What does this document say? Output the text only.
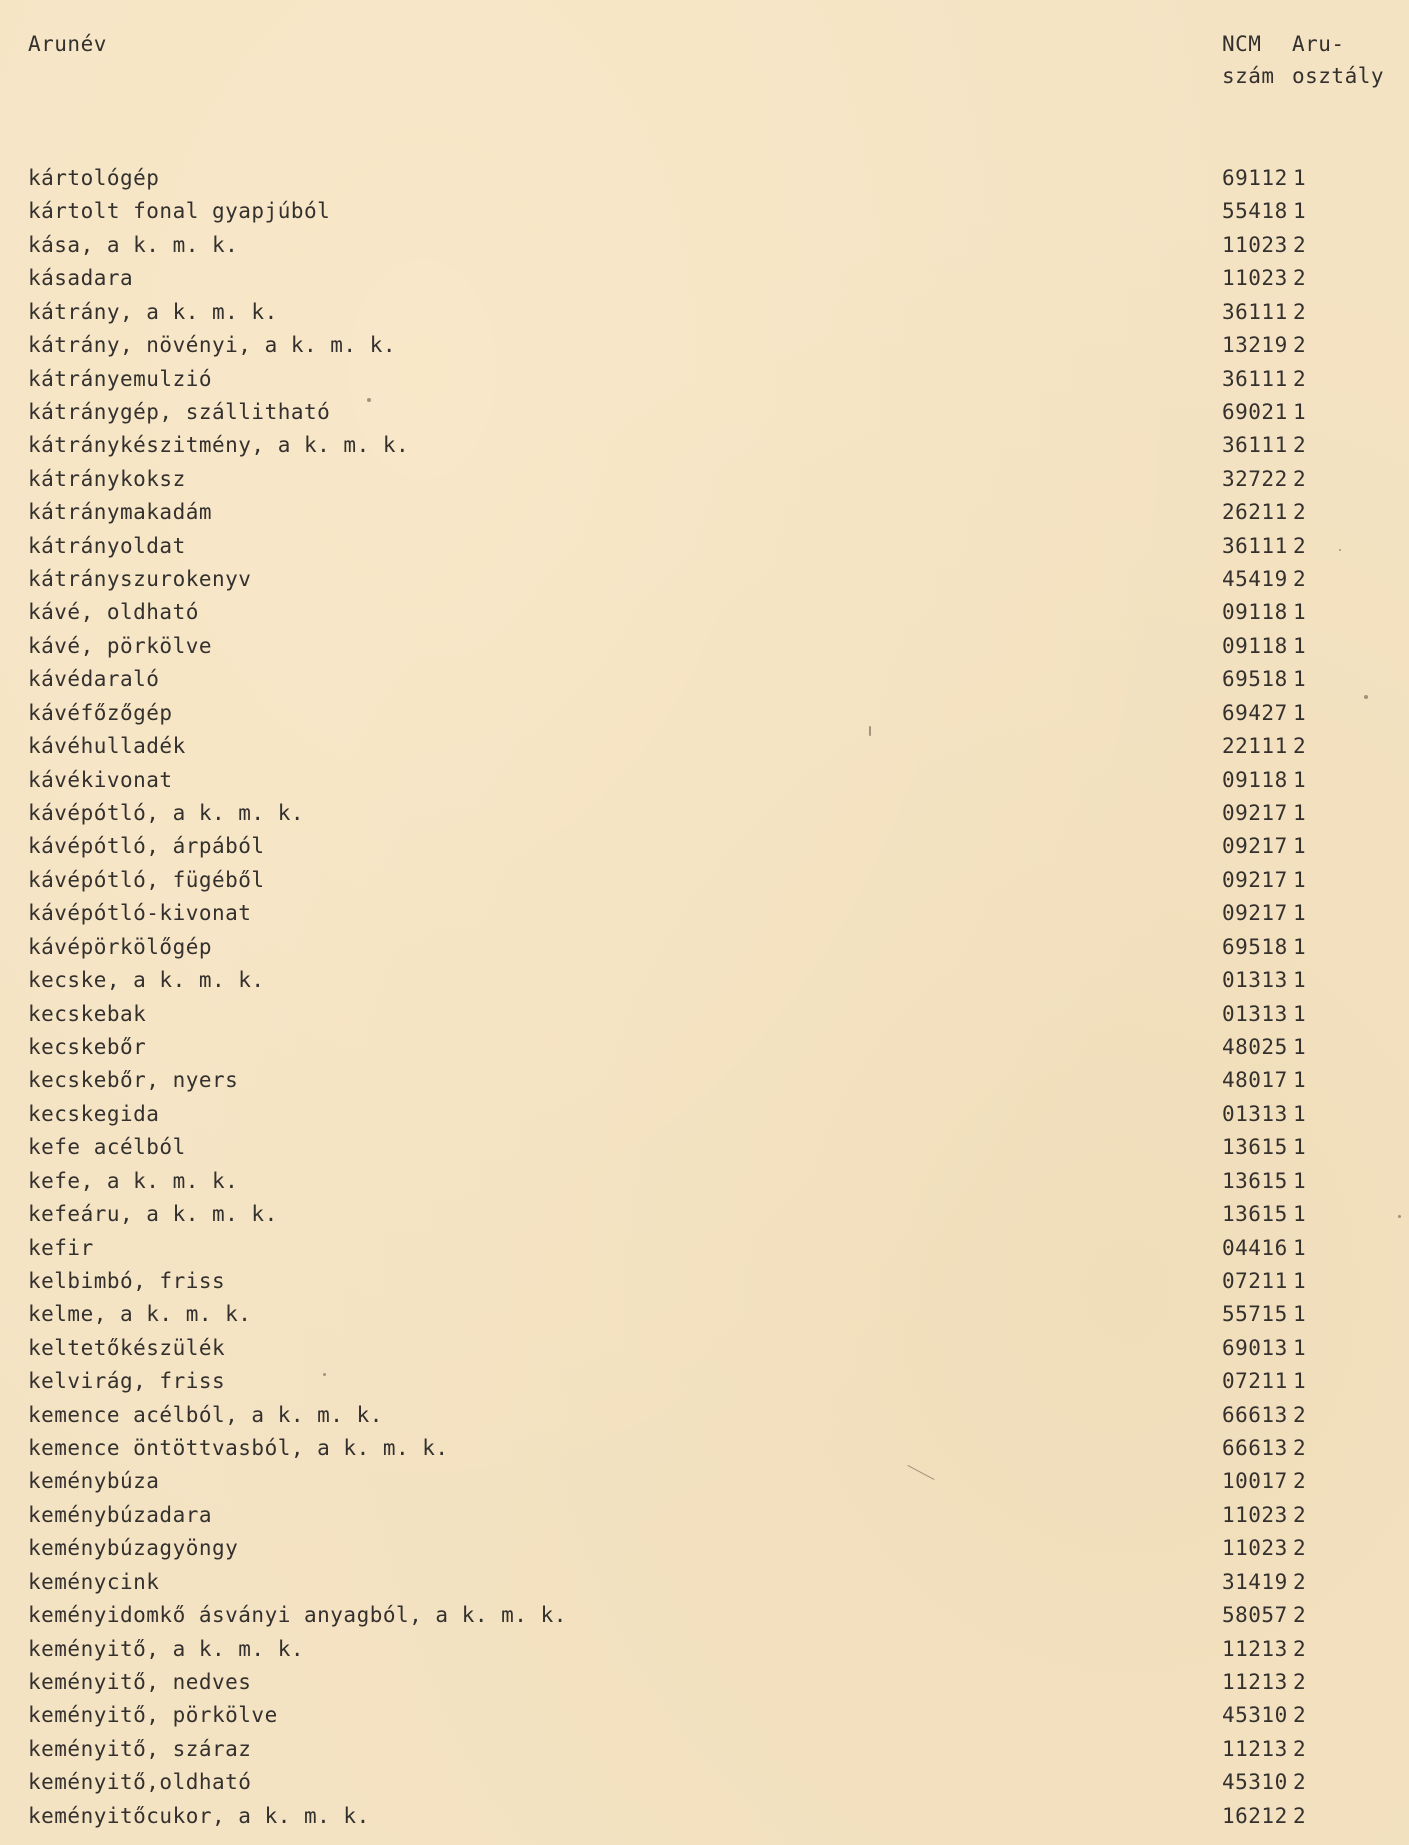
Arunév	NCM
szám
Aru-
osztály
kártológép	69112 1
kártolt fonal gyapjúból	55418 1
kása, a k. m. k.	11023 2
kásadara	11023 2
kátrány, a k. m. k.	36111 2
kátrány, növényi, a k. m. k.	13219 2
kátrányemulzió	36111 2
kátránygép, szállitható	69021 1
kátránykészitmény, a k. m. k.	36111 2
kátránykoksz	32722 2
kátránymakadám	26211 2
kátrányoldat	36111 2
kátrányszurokenyv	45419 2
kávé, oldható	09118 1
kávé, pörkölve	09118 1
kávédaraló	69518 1
kávéfőzőgép	69427 1
kávéhulladék	22111 2
kávékivonat	09118 1
kávépótló, a k. m. k.	09217 1
kávépótló, árpából	09217 1
kávépótló, fügéből	09217 1
kávépótló-kivonat	09217 1
kávépörkölőgép	69518 1
kecske, a k. m. k.	01313 1
kecskebak	01313 1
kecskebőr	48025 1
kecskebőr, nyers	48017 1
kecskegida	01313 1
kefe acélból	13615 1
kefe, a k. m. k.	13615 1
kefeáru, a k. m. k.	13615 1
kefir	04416 1
kelbimbó, friss	07211 1
kelme, a k. m. k.	55715 1
keltetőkészülék	69013 1
kelvirág, friss	07211 1
kemence acélból, a k. m. k.	66613 2
kemence öntöttvasból, a k. m. k.	66613 2
keménybúza	10017 2
keménybúzadara	11023 2
keménybúzagyöngy	11023 2
keménycink	31419 2
keményidomkő ásványi anyagból, a k. m. k.	58057 2
keményitő, a k. m. k.	11213 2
keményitő, nedves	11213 2
keményitő, pörkölve	45310 2
keményitő, száraz	11213 2
keményitő,oldható	45310 2
keményitőcukor, a k. m. k.	16212 2
